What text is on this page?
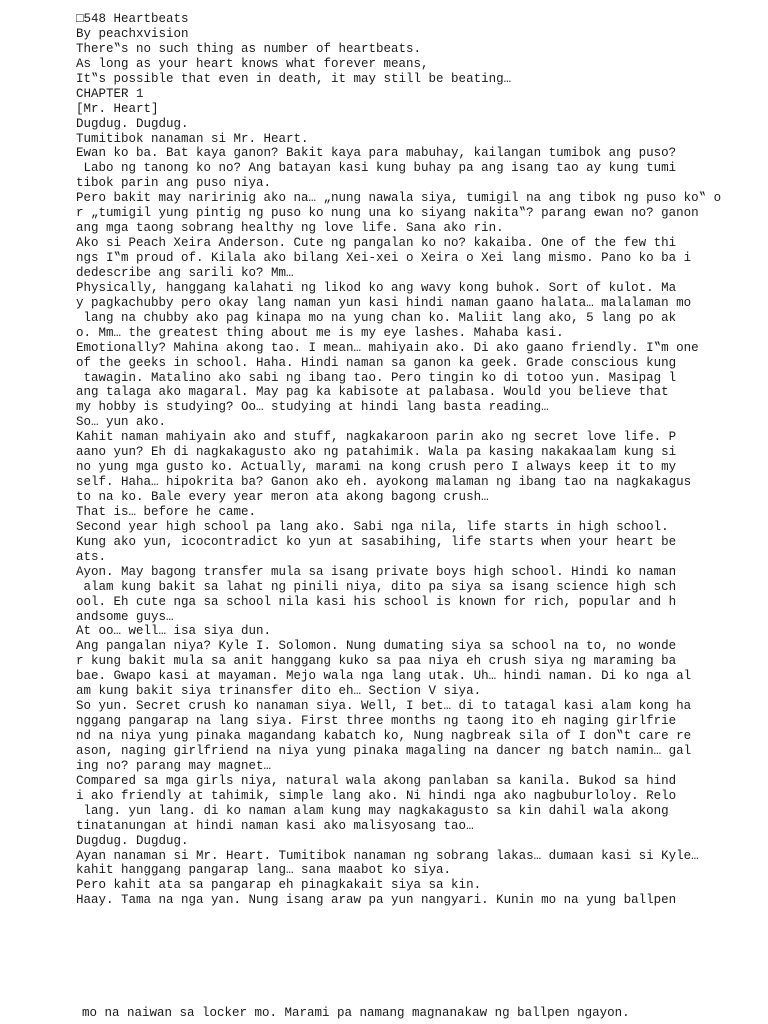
□548 Heartbeats
By peachxvision
There‟s no such thing as number of heartbeats.
As long as your heart knows what forever means,
It‟s possible that even in death, it may still be beating…
CHAPTER 1
[Mr. Heart]
Dugdug. Dugdug.
Tumitibok nanaman si Mr. Heart.
Ewan ko ba. Bat kaya ganon? Bakit kaya para mabuhay, kailangan tumibok ang puso?
Labo ng tanong ko no? Ang batayan kasi kung buhay pa ang isang tao ay kung tumi
tibok parin ang puso niya.
Pero bakit may naririnig ako na… „nung nawala siya, tumigil na ang tibok ng puso ko‟ o
r „tumigil yung pintig ng puso ko nung una ko siyang nakita‟? parang ewan no? ganon
ang mga taong sobrang healthy ng love life. Sana ako rin.
Ako si Peach Xeira Anderson. Cute ng pangalan ko no? kakaiba. One of the few thi
ngs I‟m proud of. Kilala ako bilang Xei-xei o Xeira o Xei lang mismo. Pano ko ba i
dedescribe ang sarili ko? Mm…
Physically, hanggang kalahati ng likod ko ang wavy kong buhok. Sort of kulot. Ma
y pagkachubby pero okay lang naman yun kasi hindi naman gaano halata… malalaman mo
lang na chubby ako pag kinapa mo na yung chan ko. Maliit lang ako, 5 lang po ak
o. Mm… the greatest thing about me is my eye lashes. Mahaba kasi.
Emotionally? Mahina akong tao. I mean… mahiyain ako. Di ako gaano friendly. I‟m one
of the geeks in school. Haha. Hindi naman sa ganon ka geek. Grade conscious kung
tawagin. Matalino ako sabi ng ibang tao. Pero tingin ko di totoo yun. Masipag l
ang talaga ako magaral. May pag ka kabisote at palabasa. Would you believe that
my hobby is studying? Oo… studying at hindi lang basta reading…
So… yun ako.
Kahit naman mahiyain ako and stuff, nagkakaroon parin ako ng secret love life. P
aano yun? Eh di nagkakagusto ako ng patahimik. Wala pa kasing nakakaalam kung si
no yung mga gusto ko. Actually, marami na kong crush pero I always keep it to my
self. Haha… hipokrita ba? Ganon ako eh. ayokong malaman ng ibang tao na nagkakagus
to na ko. Bale every year meron ata akong bagong crush…
That is… before he came.
Second year high school pa lang ako. Sabi nga nila, life starts in high school.
Kung ako yun, icocontradict ko yun at sasabihing, life starts when your heart be
ats.
Ayon. May bagong transfer mula sa isang private boys high school. Hindi ko naman
alam kung bakit sa lahat ng pinili niya, dito pa siya sa isang science high sch
ool. Eh cute nga sa school nila kasi his school is known for rich, popular and h
andsome guys…
At oo… well… isa siya dun.
Ang pangalan niya? Kyle I. Solomon. Nung dumating siya sa school na to, no wonde
r kung bakit mula sa anit hanggang kuko sa paa niya eh crush siya ng maraming ba
bae. Gwapo kasi at mayaman. Mejo wala nga lang utak. Uh… hindi naman. Di ko nga al
am kung bakit siya trinansfer dito eh… Section V siya.
So yun. Secret crush ko nanaman siya. Well, I bet… di to tatagal kasi alam kong ha
nggang pangarap na lang siya. First three months ng taong ito eh naging girlfrie
nd na niya yung pinaka magandang kabatch ko, Nung nagbreak sila of I don‟t care re
ason, naging girlfriend na niya yung pinaka magaling na dancer ng batch namin… gal
ing no? parang may magnet…
Compared sa mga girls niya, natural wala akong panlaban sa kanila. Bukod sa hind
i ako friendly at tahimik, simple lang ako. Ni hindi nga ako nagbuburloloy. Relo
lang. yun lang. di ko naman alam kung may nagkakagusto sa kin dahil wala akong
tinatanungan at hindi naman kasi ako malisyosang tao…
Dugdug. Dugdug.
Ayan nanaman si Mr. Heart. Tumitibok nanaman ng sobrang lakas… dumaan kasi si Kyle…
kahit hanggang pangarap lang… sana maabot ko siya.
Pero kahit ata sa pangarap eh pinagkakait siya sa kin.
Haay. Tama na nga yan. Nung isang araw pa yun nangyari. Kunin mo na yung ballpen
mo na naiwan sa locker mo. Marami pa namang magnanakaw ng ballpen ngayon.
